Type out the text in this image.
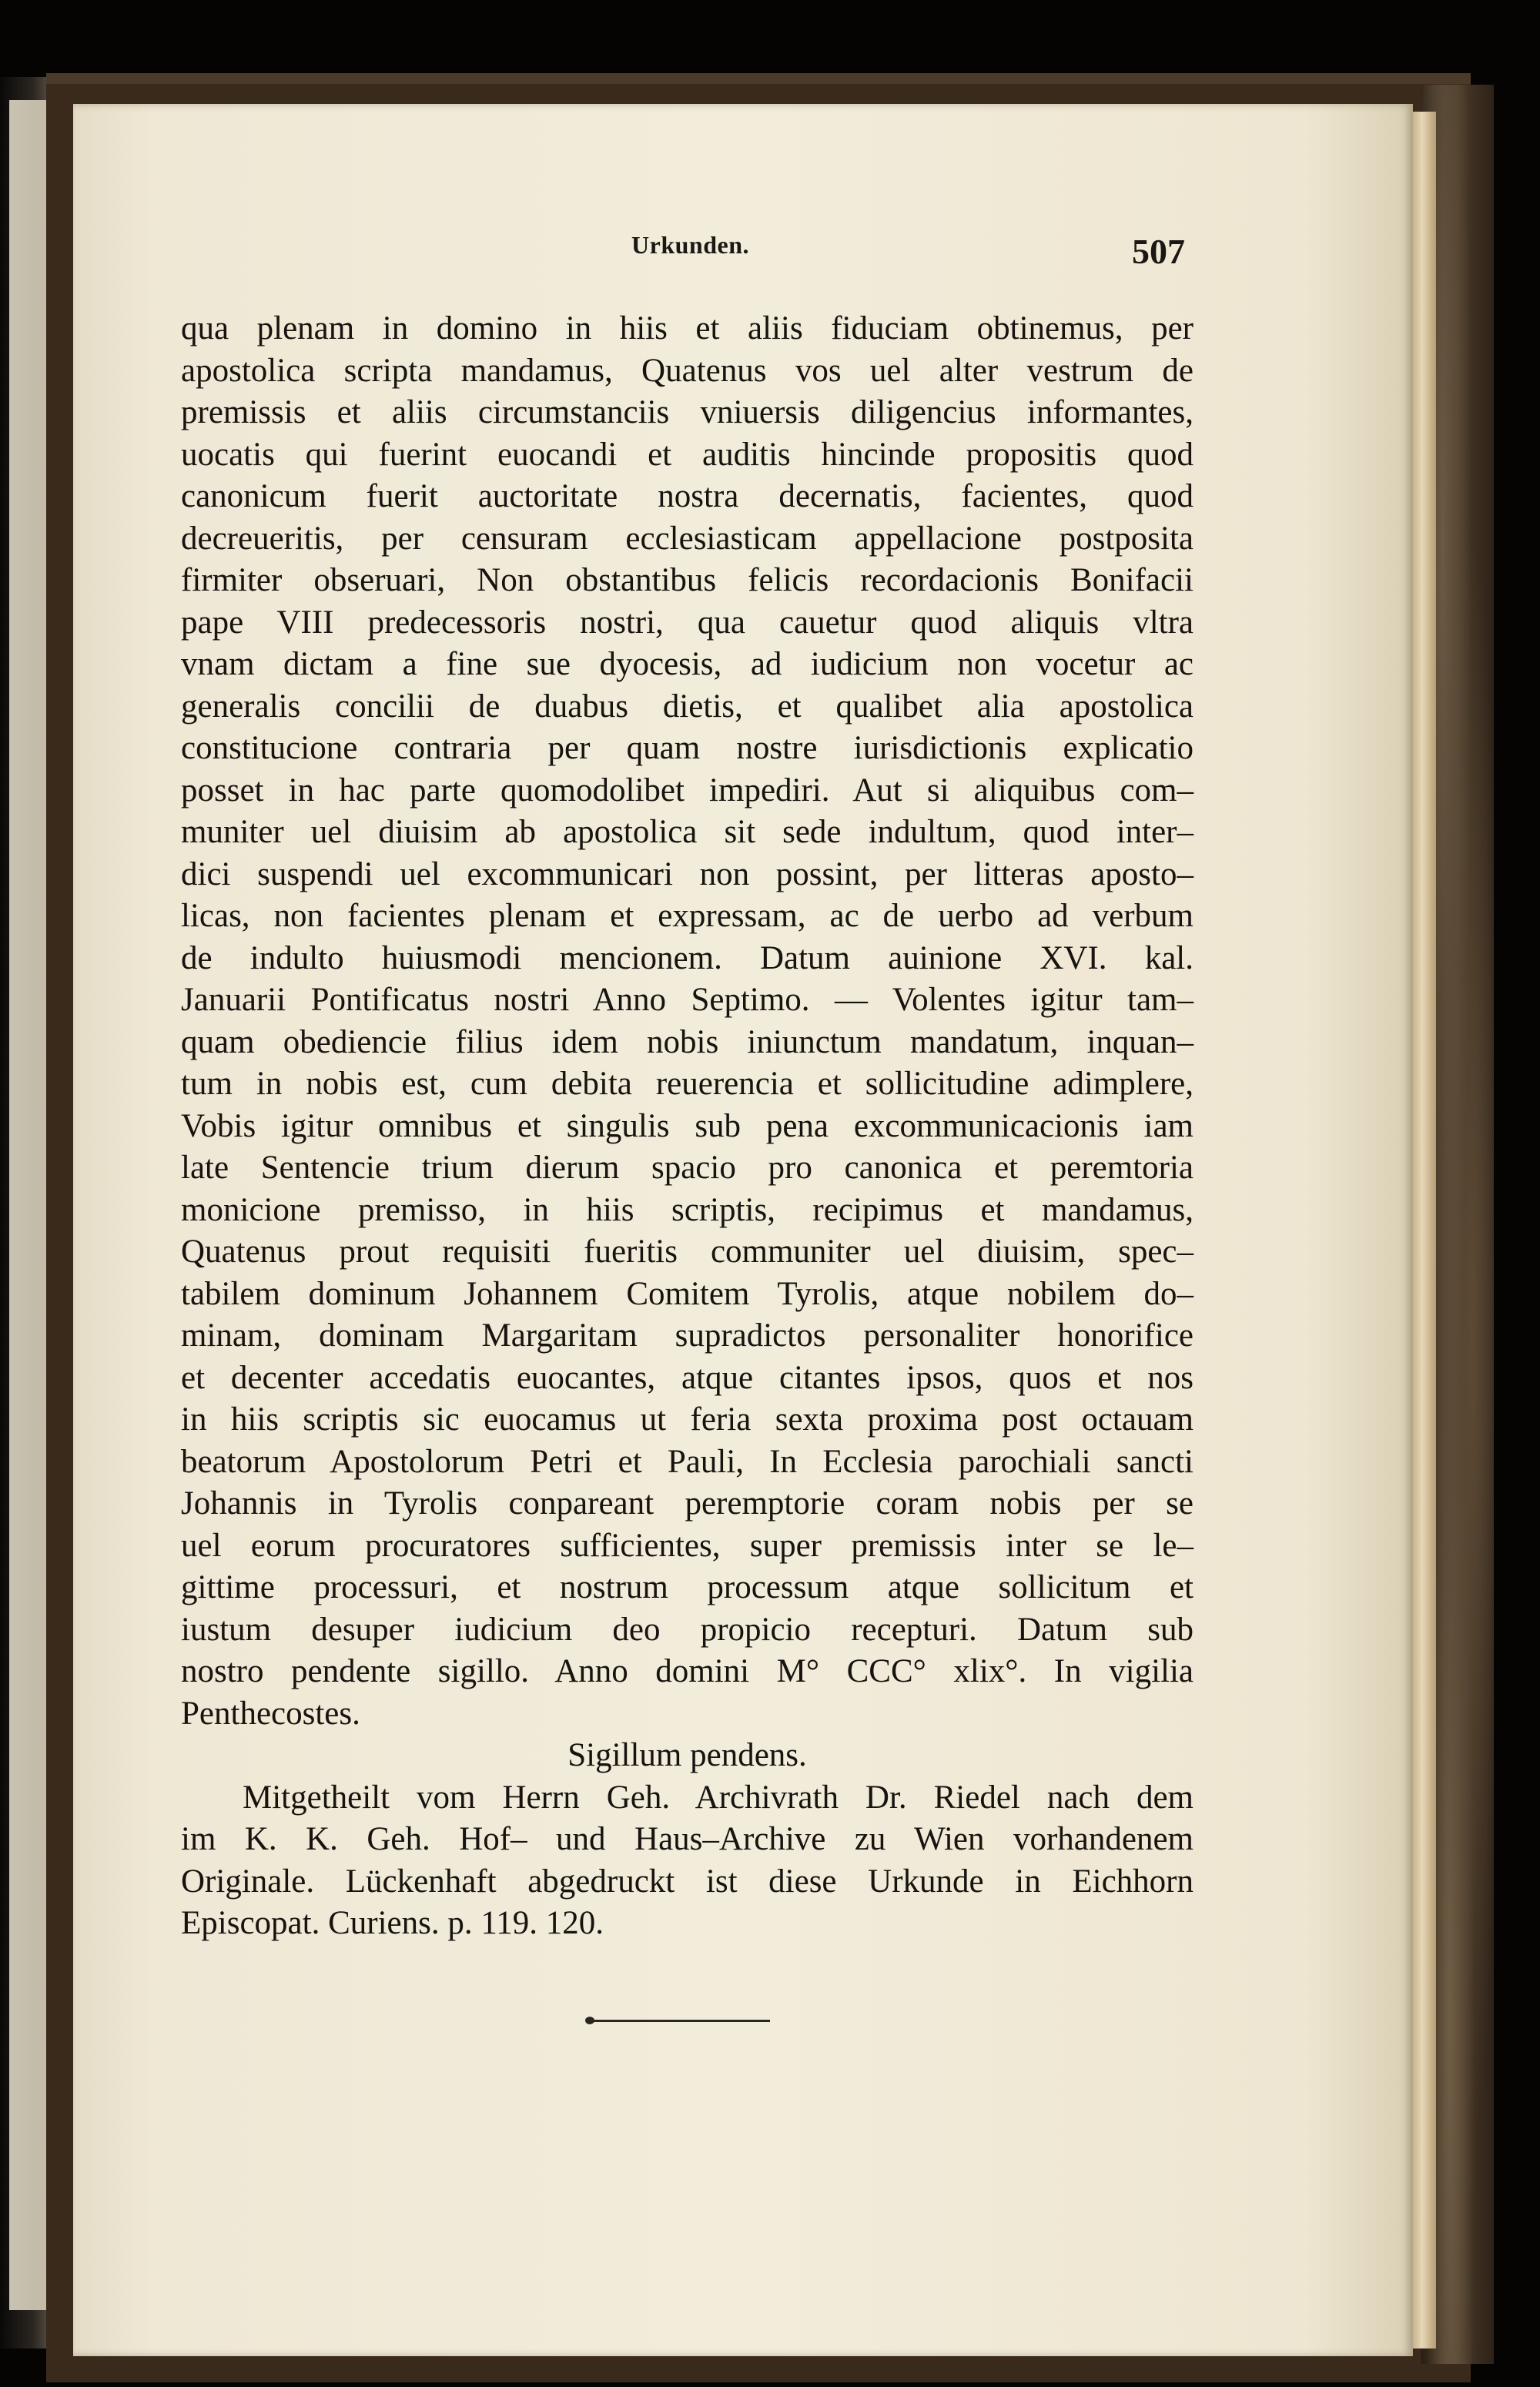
Urkunden.	507
qua plenam in domino in hiis et aliis fiduciam obtinemus, per
apostolica scripta mandamus, Quatenus vos uel alter vestrum de
premissis et aliis circumstanciis vniuersis diligencius informantes,
uocatis qui fuerint euocandi et auditis hincinde propositis quod
canonicum fuerit auctoritate nostra decernatis, facientes, quod
decreueritis, per censuram ecclesiasticam appellacione postposita
firmiter obseruari, Non obstantibus felicis recordacionis Bonifacii
pape VIII predecessoris nostri, qua cauetur quod aliquis vltra
vnam dictam a fine sue dyocesis, ad iudicium non vocetur ac
generalis concilii de duabus dietis, et qualibet alia apostolica
constitucione contraria per quam nostre iurisdictionis explicatio
posset in hac parte quomodolibet impediri. Aut si aliquibus com–
muniter uel diuisim ab apostolica sit sede indultum, quod inter–
dici suspendi uel excommunicari non possint, per litteras aposto–
licas, non facientes plenam et expressam, ac de uerbo ad verbum
de indulto huiusmodi mencionem. Datum auinione XVI. kal.
Januarii Pontificatus nostri Anno Septimo. — Volentes igitur tam–
quam obediencie filius idem nobis iniunctum mandatum, inquan–
tum in nobis est, cum debita reuerencia et sollicitudine adimplere,
Vobis igitur omnibus et singulis sub pena excommunicacionis iam
late Sentencie trium dierum spacio pro canonica et peremtoria
monicione premisso, in hiis scriptis, recipimus et mandamus,
Quatenus prout requisiti fueritis communiter uel diuisim, spec–
tabilem dominum Johannem Comitem Tyrolis, atque nobilem do–
minam, dominam Margaritam supradictos personaliter honorifice
et decenter accedatis euocantes, atque citantes ipsos, quos et nos
in hiis scriptis sic euocamus ut feria sexta proxima post octauam
beatorum Apostolorum Petri et Pauli, In Ecclesia parochiali sancti
Johannis in Tyrolis conpareant peremptorie coram nobis per se
uel eorum procuratores sufficientes, super premissis inter se le–
gittime processuri, et nostrum processum atque sollicitum et
iustum desuper iudicium deo propicio recepturi. Datum sub
nostro pendente sigillo. Anno domini M° CCC° xlix°. In vigilia
Penthecostes.
Sigillum pendens.
Mitgetheilt vom Herrn Geh. Archivrath Dr. Riedel nach dem
im K. K. Geh. Hof– und Haus–Archive zu Wien vorhandenem
Originale. Lückenhaft abgedruckt ist diese Urkunde in Eichhorn
Episcopat. Curiens. p. 119. 120.
